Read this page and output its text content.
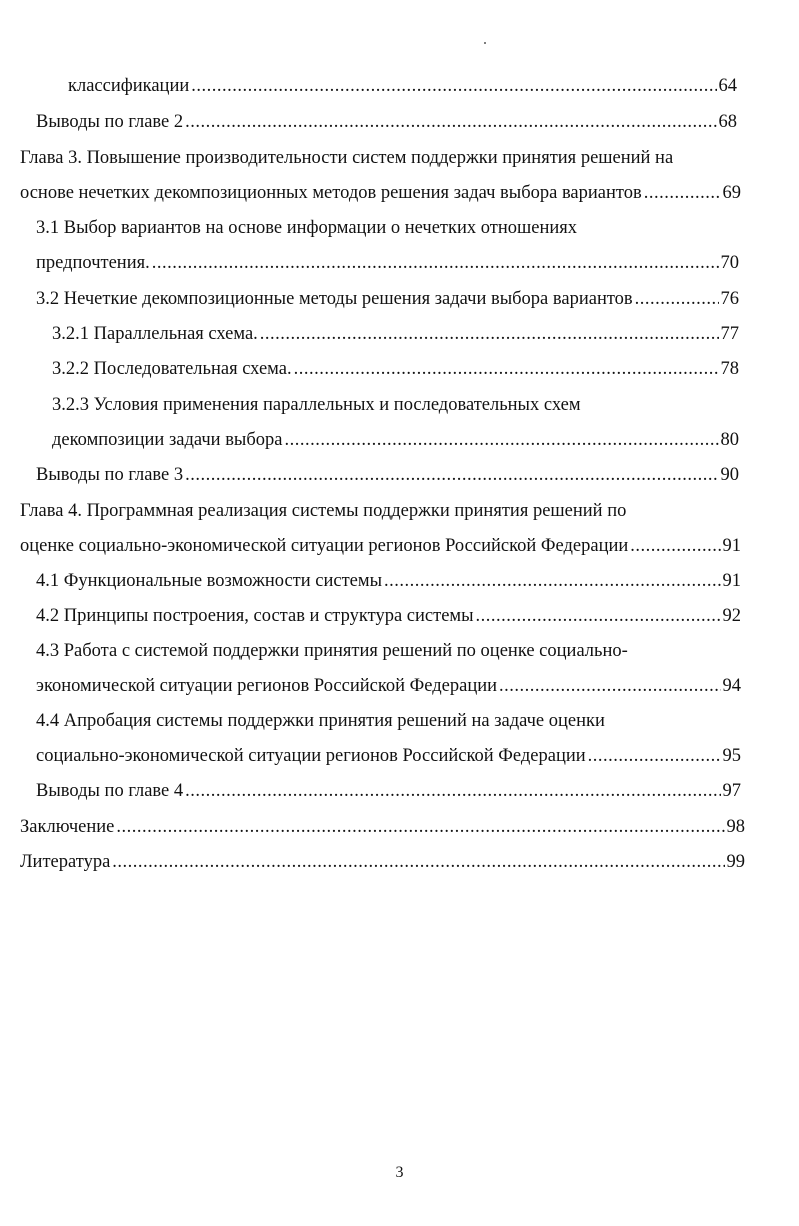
классификации .....	64
Выводы по главе 2 .....	68
Глава 3. Повышение производительности систем поддержки принятия решений на
основе нечетких декомпозиционных методов решения задач выбора вариантов .....	69
3.1 Выбор вариантов на основе информации о нечетких отношениях
предпочтения. .....	70
3.2 Нечеткие декомпозиционные методы решения задачи выбора вариантов .....	76
3.2.1 Параллельная схема. .....	77
3.2.2 Последовательная схема. .....	78
3.2.3 Условия применения параллельных и последовательных схем
декомпозиции задачи выбора .....	80
Выводы по главе 3 .....	90
Глава 4. Программная реализация системы поддержки принятия решений по
оценке социально-экономической ситуации регионов Российской Федерации .....	91
4.1 Функциональные возможности системы .....	91
4.2 Принципы построения, состав и структура системы .....	92
4.3 Работа с системой поддержки принятия решений по оценке социально-
экономической ситуации регионов Российской Федерации .....	94
4.4 Апробация системы поддержки принятия решений на задаче оценки
социально-экономической ситуации регионов Российской Федерации .....	95
Выводы по главе 4 .....	97
Заключение .....	98
Литература .....	99
3
